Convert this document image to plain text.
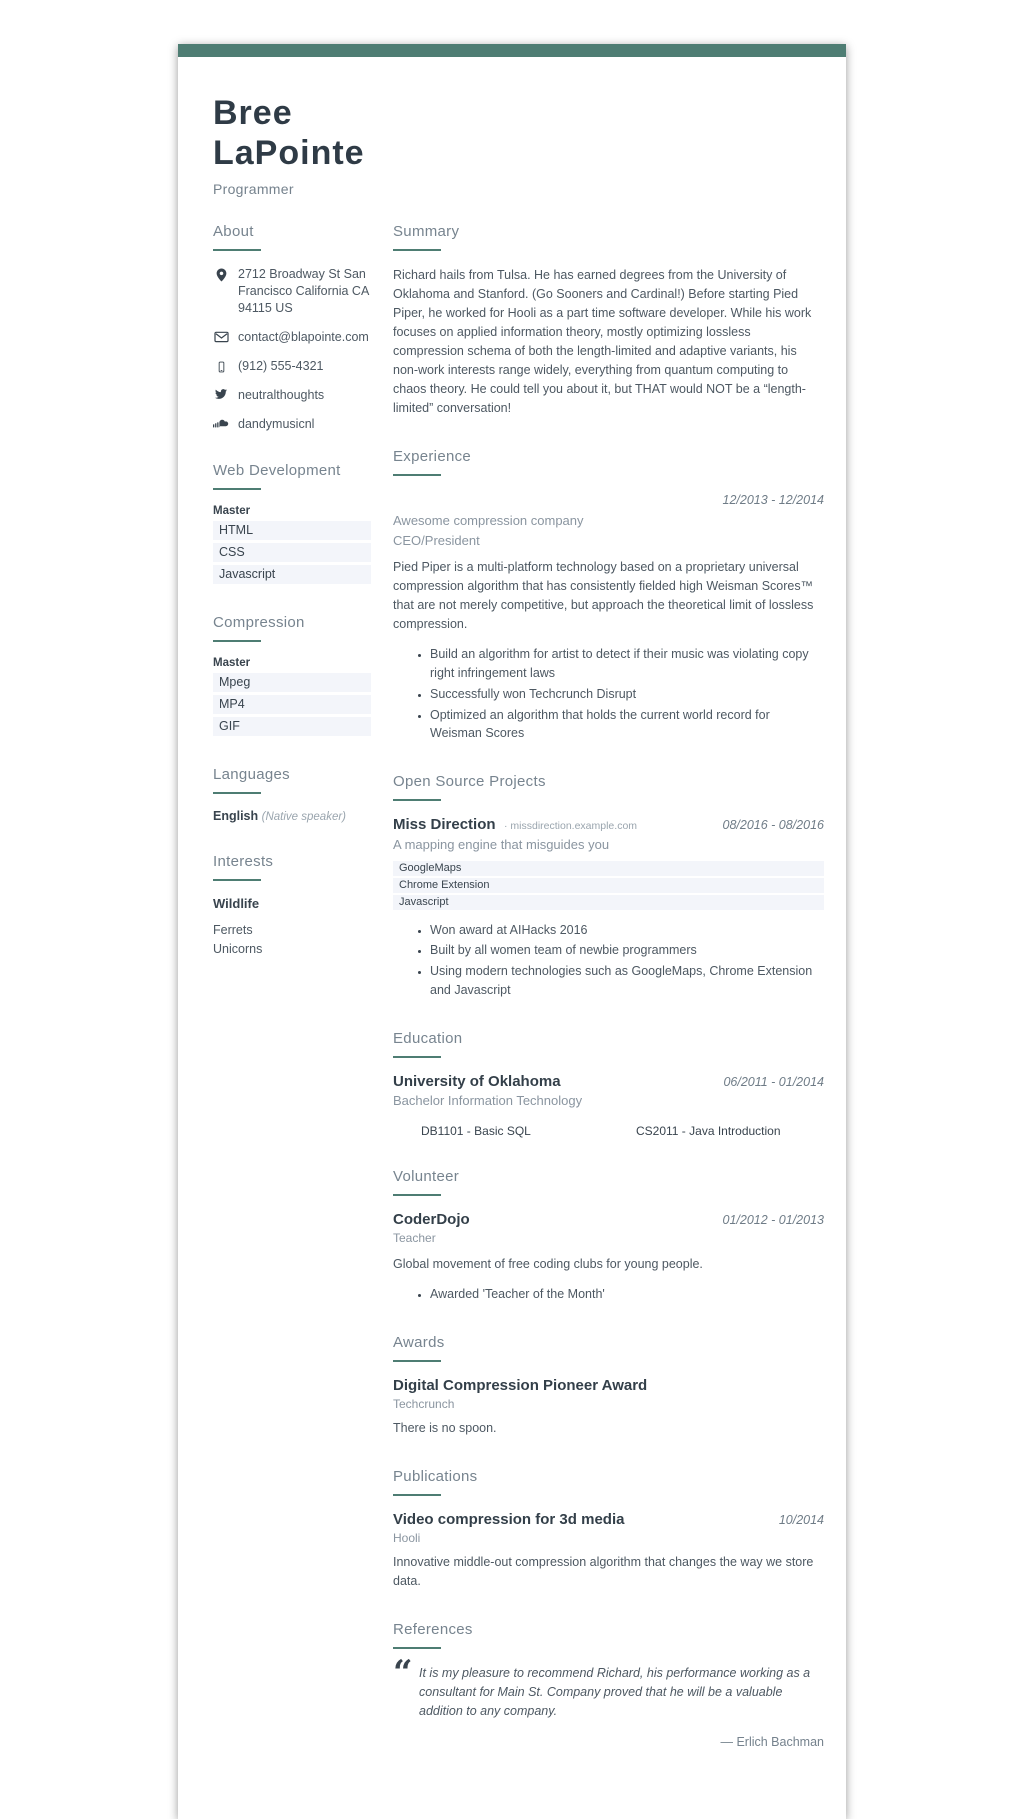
Bree
LaPointe
Programmer
About
2712 Broadway St San Francisco California CA 94115 US
contact@blapointe.com
(912) 555-4321
neutralthoughts
dandymusicnl
Web Development
Master
HTML
CSS
Javascript
Compression
Master
Mpeg
MP4
GIF
Languages
English (Native speaker)
Interests
Wildlife
Ferrets
Unicorns
Summary

Richard hails from Tulsa. He has earned degrees from the University of Oklahoma and Stanford. (Go Sooners and Cardinal!) Before starting Pied Piper, he worked for Hooli as a part time software developer. While his work focuses on applied information theory, mostly optimizing lossless compression schema of both the length-limited and adaptive variants, his non-work interests range widely, everything from quantum computing to chaos theory. He could tell you about it, but THAT would NOT be a “length-limited” conversation!

Experience
12/2013 - 12/2014
Awesome compression company
CEO/President

Pied Piper is a multi-platform technology based on a proprietary universal compression algorithm that has consistently fielded high Weisman Scores™ that are not merely competitive, but approach the theoretical limit of lossless compression.

• Build an algorithm for artist to detect if their music was violating copy right infringement laws
• Successfully won Techcrunch Disrupt
• Optimized an algorithm that holds the current world record for Weisman Scores
Open Source Projects
Miss Direction · missdirection.example.com	08/2016 - 08/2016
A mapping engine that misguides you
GoogleMaps
Chrome Extension
Javascript
• Won award at AIHacks 2016
• Built by all women team of newbie programmers
• Using modern technologies such as GoogleMaps, Chrome Extension and Javascript
Education
University of Oklahoma	06/2011 - 01/2014
Bachelor Information Technology
DB1101 - Basic SQL	CS2011 - Java Introduction
Volunteer
CoderDojo	01/2012 - 01/2013
Teacher

Global movement of free coding clubs for young people.

• Awarded 'Teacher of the Month'
Awards
Digital Compression Pioneer Award
Techcrunch

There is no spoon.

Publications
Video compression for 3d media	10/2014
Hooli

Innovative middle-out compression algorithm that changes the way we store data.

References
“ It is my pleasure to recommend Richard, his performance working as a consultant for Main St. Company proved that he will be a valuable addition to any company.
— Erlich Bachman
